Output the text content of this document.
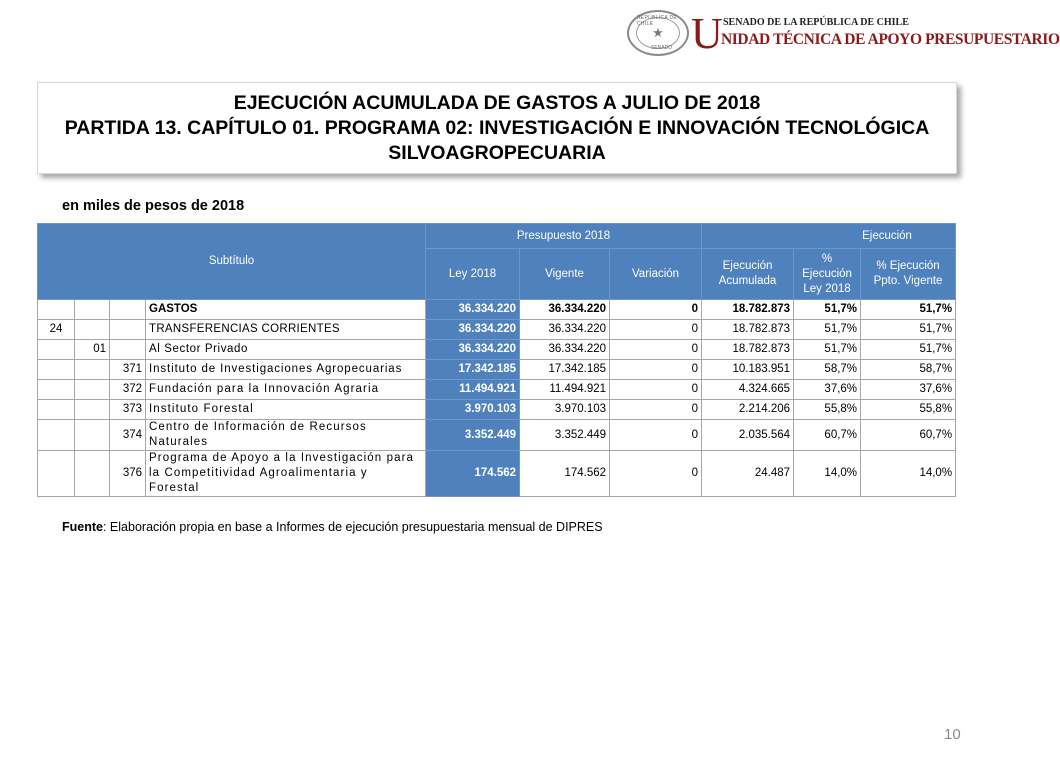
REPÚBLICA DE CHILE
★
SENADO U SENADO DE LA REPÚBLICA DE CHILE
NIDAD TÉCNICA DE APOYO PRESUPUESTARIO
EJECUCIÓN ACUMULADA DE GASTOS A JULIO DE 2018
PARTIDA 13. CAPÍTULO 01. PROGRAMA 02: INVESTIGACIÓN E INNOVACIÓN TECNOLÓGICA
SILVOAGROPECUARIA
en miles de pesos de 2018
Subtítulo				Presupuesto 2018			Ejecución		
				Ley 2018	Vigente	Variación	Ejecución Acumulada	% Ejecución Ley 2018	% Ejecución Ppto. Vigente
			GASTOS	36.334.220	36.334.220	0	18.782.873	51,7%	51,7%
24			TRANSFERENCIAS CORRIENTES	36.334.220	36.334.220	0	18.782.873	51,7%	51,7%
	01		Al Sector Privado	36.334.220	36.334.220	0	18.782.873	51,7%	51,7%
		371	Instituto de Investigaciones Agropecuarias	17.342.185	17.342.185	0	10.183.951	58,7%	58,7%
		372	Fundación para la Innovación Agraria	11.494.921	11.494.921	0	4.324.665	37,6%	37,6%
		373	Instituto Forestal	3.970.103	3.970.103	0	2.214.206	55,8%	55,8%
		374	Centro de Información de Recursos Naturales	3.352.449	3.352.449	0	2.035.564	60,7%	60,7%
		376	Programa de Apoyo a la Investigación para la Competitividad Agroalimentaria y Forestal	174.562	174.562	0	24.487	14,0%	14,0%
Fuente: Elaboración propia en base a Informes de ejecución presupuestaria mensual de DIPRES
10
